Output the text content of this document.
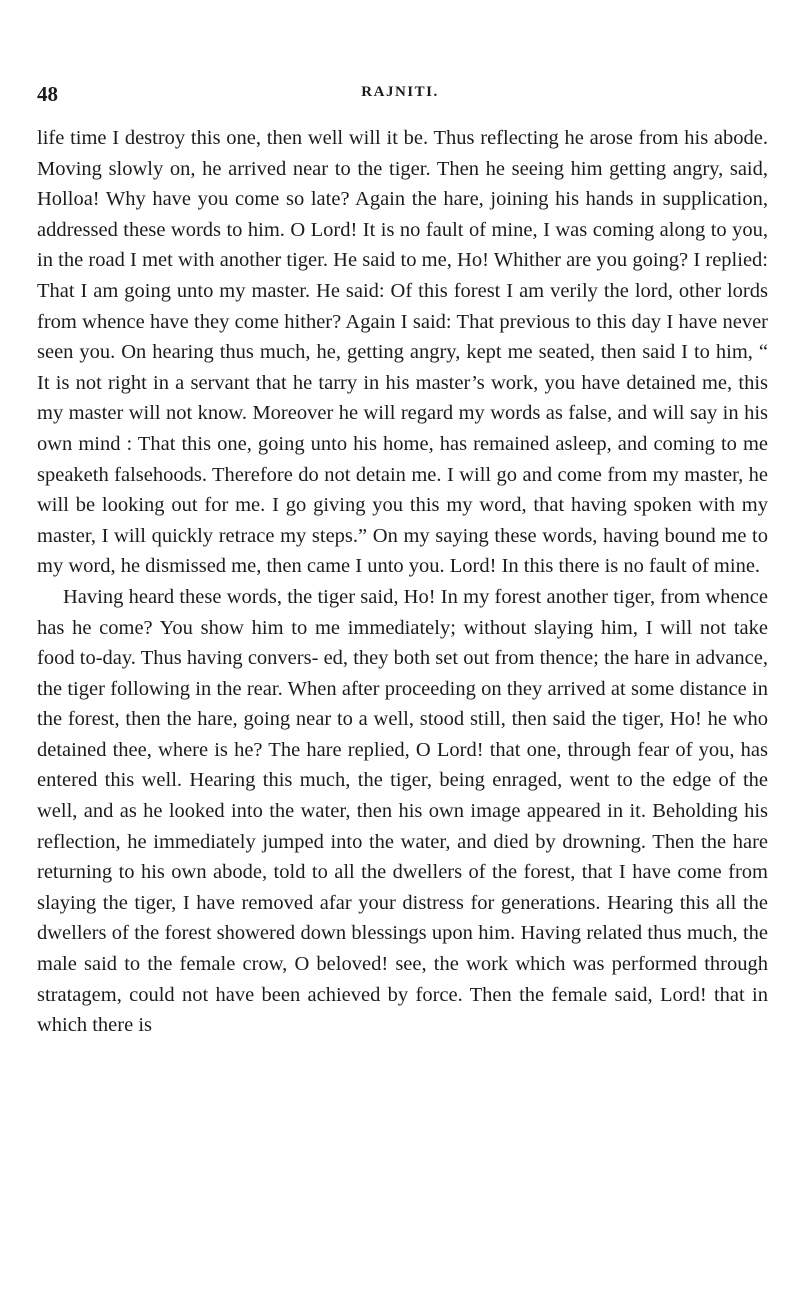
48	RAJNITI.

life time I destroy this one, then well will it be. Thus reflecting he arose from his abode. Moving slowly on, he arrived near to the tiger. Then he seeing him getting angry, said, Holloa! Why have you come so late? Again the hare, joining his hands in supplication, addressed these words to him. O Lord! It is no fault of mine, I was coming along to you, in the road I met with another tiger. He said to me, Ho! Whither are you going? I replied: That I am going unto my master. He said: Of this forest I am verily the lord, other lords from whence have they come hither? Again I said: That previous to this day I have never seen you. On hearing thus much, he, getting angry, kept me seated, then said I to him, “ It is not right in a servant that he tarry in his master’s work, you have detained me, this my master will not know. Moreover he will regard my words as false, and will say in his own mind : That this one, going unto his home, has remained asleep, and coming to me speaketh falsehoods. Therefore do not detain me. I will go and come from my master, he will be looking out for me. I go giving you this my word, that having spoken with my master, I will quickly retrace my steps.” On my saying these words, having bound me to my word, he dismissed me, then came I unto you. Lord! In this there is no fault of mine.

Having heard these words, the tiger said, Ho! In my forest another tiger, from whence has he come? You show him to me immediately; without slaying him, I will not take food to-day. Thus having convers- ed, they both set out from thence; the hare in advance, the tiger following in the rear. When after proceeding on they arrived at some distance in the forest, then the hare, going near to a well, stood still, then said the tiger, Ho! he who detained thee, where is he? The hare replied, O Lord! that one, through fear of you, has entered this well. Hearing this much, the tiger, being enraged, went to the edge of the well, and as he looked into the water, then his own image appeared in it. Beholding his reflection, he immediately jumped into the water, and died by drowning. Then the hare returning to his own abode, told to all the dwellers of the forest, that I have come from slaying the tiger, I have removed afar your distress for generations. Hearing this all the dwellers of the forest showered down blessings upon him. Having related thus much, the male said to the female crow, O beloved! see, the work which was performed through stratagem, could not have been achieved by force. Then the female said, Lord! that in which there is
